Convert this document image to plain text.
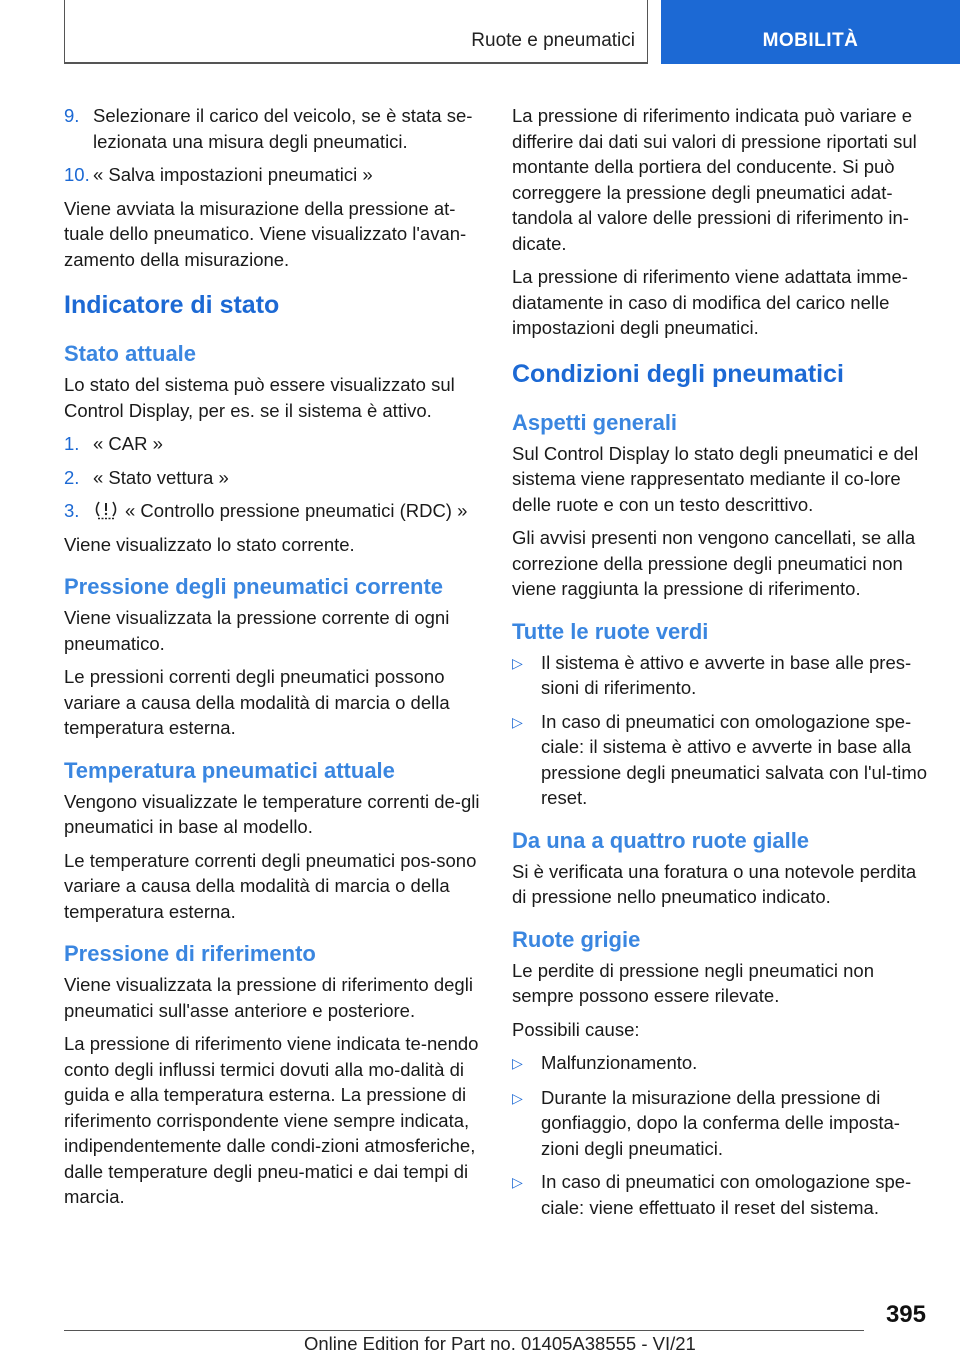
Ruote e pneumatici	MOBILITÀ
9. Selezionare il carico del veicolo, se è stata se-lezionata una misura degli pneumatici.
10. « Salva impostazioni pneumatici »

Viene avviata la misurazione della pressione at-tuale dello pneumatico. Viene visualizzato l'avan-zamento della misurazione.

Indicatore di stato
Stato attuale

Lo stato del sistema può essere visualizzato sul Control Display, per es. se il sistema è attivo.

1. « CAR »
2. « Stato vettura »
3.	« Controllo pressione pneumatici (RDC) »

Viene visualizzato lo stato corrente.

Pressione degli pneumatici corrente

Viene visualizzata la pressione corrente di ogni pneumatico.

Le pressioni correnti degli pneumatici possono variare a causa della modalità di marcia o della temperatura esterna.

Temperatura pneumatici attuale

Vengono visualizzate le temperature correnti de-gli pneumatici in base al modello.

Le temperature correnti degli pneumatici pos-sono variare a causa della modalità di marcia o della temperatura esterna.

Pressione di riferimento

Viene visualizzata la pressione di riferimento degli pneumatici sull'asse anteriore e posteriore.

La pressione di riferimento viene indicata te-nendo conto degli influssi termici dovuti alla mo-dalità di guida e alla temperatura esterna. La pressione di riferimento corrispondente viene sempre indicata, indipendentemente dalle condi-zioni atmosferiche, dalle temperature degli pneu-matici e dai tempi di marcia.

La pressione di riferimento indicata può variare e differire dai dati sui valori di pressione riportati sul montante della portiera del conducente. Si può correggere la pressione degli pneumatici adat-tandola al valore delle pressioni di riferimento in-dicate.

La pressione di riferimento viene adattata imme-diatamente in caso di modifica del carico nelle impostazioni degli pneumatici.

Condizioni degli pneumatici
Aspetti generali

Sul Control Display lo stato degli pneumatici e del sistema viene rappresentato mediante il co-lore delle ruote e con un testo descrittivo.

Gli avvisi presenti non vengono cancellati, se alla correzione della pressione degli pneumatici non viene raggiunta la pressione di riferimento.

Tutte le ruote verdi
▷ Il sistema è attivo e avverte in base alle pres-sioni di riferimento.
▷ In caso di pneumatici con omologazione spe-ciale: il sistema è attivo e avverte in base alla pressione degli pneumatici salvata con l'ul-timo reset.
Da una a quattro ruote gialle

Si è verificata una foratura o una notevole perdita di pressione nello pneumatico indicato.

Ruote grigie

Le perdite di pressione negli pneumatici non sempre possono essere rilevate.

Possibili cause:

▷ Malfunzionamento.
▷ Durante la misurazione della pressione di gonfiaggio, dopo la conferma delle imposta-zioni degli pneumatici.
▷ In caso di pneumatici con omologazione spe-ciale: viene effettuato il reset del sistema.
395
Online Edition for Part no. 01405A38555 - VI/21
